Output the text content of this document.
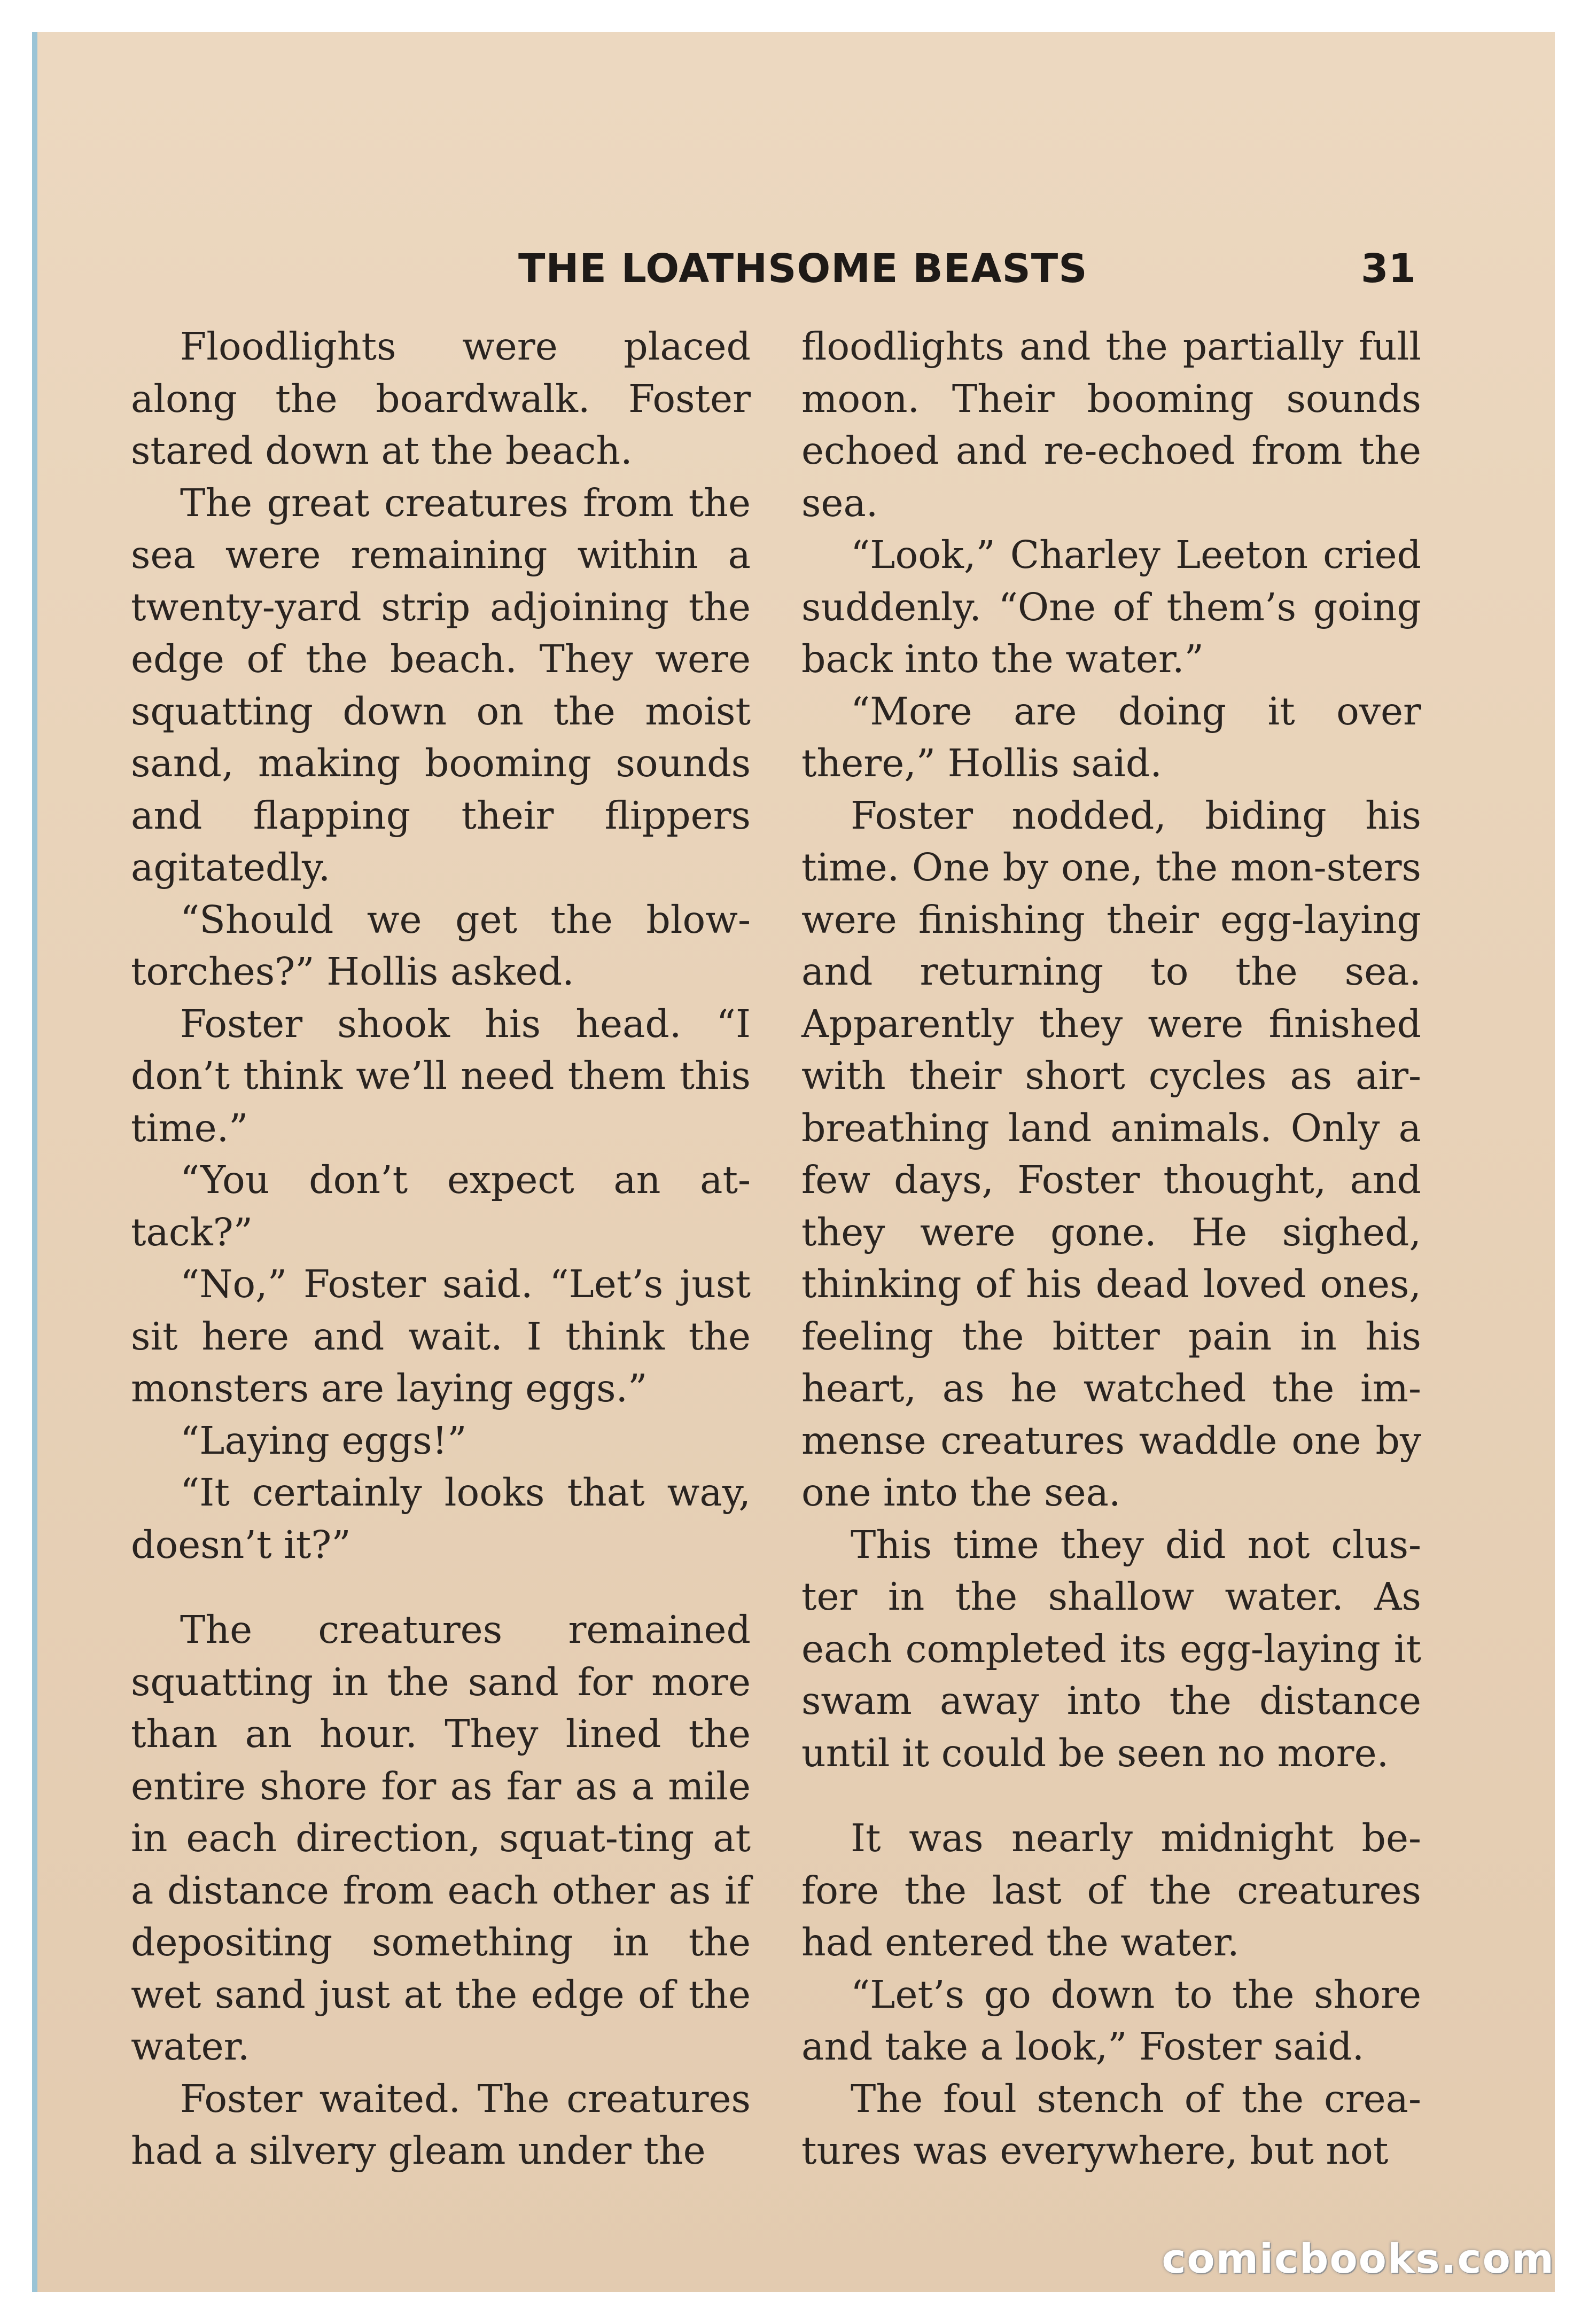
THE LOATHSOME BEASTS	31

Floodlights were placed along the boardwalk. Foster stared down at the beach.

The great creatures from the sea were remaining within a twenty-yard strip adjoining the edge of the beach. They were squatting down on the moist sand, making booming sounds and flapping their flippers agitatedly.

“Should we get the blow-torches?” Hollis asked.

Foster shook his head. “I don’t think we’ll need them this time.”

“You don’t expect an at-tack?”

“No,” Foster said. “Let’s just sit here and wait. I think the monsters are laying eggs.”

“Laying eggs!”

“It certainly looks that way, doesn’t it?”

The creatures remained squatting in the sand for more than an hour. They lined the entire shore for as far as a mile in each direction, squat-ting at a distance from each other as if depositing something in the wet sand just at the edge of the water.

Foster waited. The creatures had a silvery gleam under the

floodlights and the partially full moon. Their booming sounds echoed and re-echoed from the sea.

“Look,” Charley Leeton cried suddenly. “One of them’s going back into the water.”

“More are doing it over there,” Hollis said.

Foster nodded, biding his time. One by one, the mon-sters were finishing their egg-laying and returning to the sea. Apparently they were finished with their short cycles as air-breathing land animals. Only a few days, Foster thought, and they were gone. He sighed, thinking of his dead loved ones, feeling the bitter pain in his heart, as he watched the im-mense creatures waddle one by one into the sea.

This time they did not clus-ter in the shallow water. As each completed its egg-laying it swam away into the distance until it could be seen no more.

It was nearly midnight be-fore the last of the creatures had entered the water.

“Let’s go down to the shore and take a look,” Foster said.

The foul stench of the crea-tures was everywhere, but not

comicbooks.com
